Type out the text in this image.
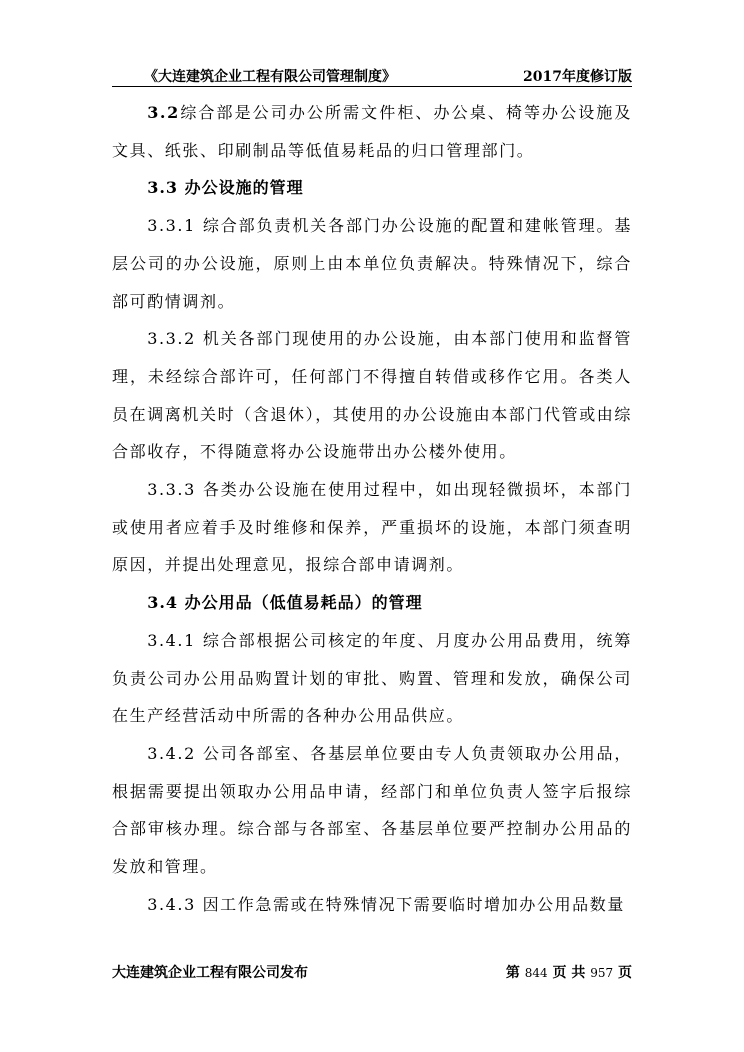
《大连建筑企业工程有限公司管理制度》	2017年度修订版

3.2综合部是公司办公所需文件柜、办公桌、椅等办公设施及文具、纸张、印刷制品等低值易耗品的归口管理部门。

3.3 办公设施的管理

3.3.1 综合部负责机关各部门办公设施的配置和建帐管理。基层公司的办公设施，原则上由本单位负责解决。特殊情况下，综合部可酌情调剂。

3.3.2 机关各部门现使用的办公设施，由本部门使用和监督管理，未经综合部许可，任何部门不得擅自转借或移作它用。各类人员在调离机关时（含退休），其使用的办公设施由本部门代管或由综合部收存，不得随意将办公设施带出办公楼外使用。

3.3.3 各类办公设施在使用过程中，如出现轻微损坏，本部门或使用者应着手及时维修和保养，严重损坏的设施，本部门须查明原因，并提出处理意见，报综合部申请调剂。

3.4 办公用品（低值易耗品）的管理

3.4.1 综合部根据公司核定的年度、月度办公用品费用，统筹负责公司办公用品购置计划的审批、购置、管理和发放，确保公司在生产经营活动中所需的各种办公用品供应。

3.4.2 公司各部室、各基层单位要由专人负责领取办公用品，根据需要提出领取办公用品申请，经部门和单位负责人签字后报综合部审核办理。综合部与各部室、各基层单位要严控制办公用品的发放和管理。

3.4.3 因工作急需或在特殊情况下需要临时增加办公用品数量

大连建筑企业工程有限公司发布	第 844 页 共 957 页
